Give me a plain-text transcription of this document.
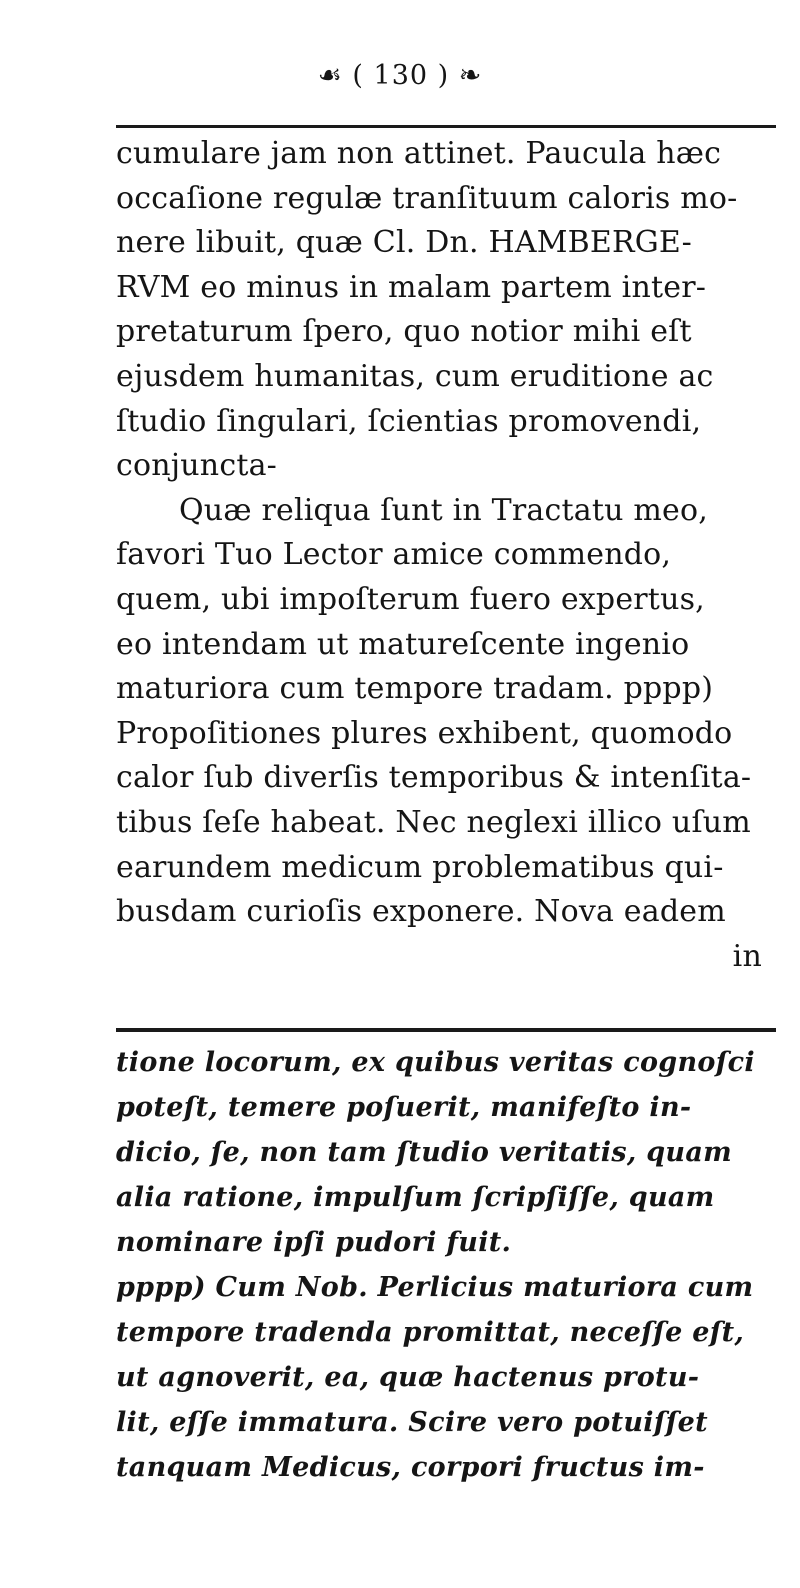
☙ ( 130 ) ❧
cumulare jam non attinet. Paucula hæc
occaſione regulæ tranſituum caloris mo-
nere libuit, quæ Cl. Dn. HAMBERGE-
RVM eo minus in malam partem inter-
pretaturum ſpero, quo notior mihi eſt
ejusdem humanitas, cum eruditione ac
ſtudio ſingulari, ſcientias promovendi,
conjuncta-
Quæ reliqua ſunt in Tractatu meo,
favori Tuo Lector amice commendo,
quem, ubi impoſterum fuero expertus,
eo intendam ut matureſcente ingenio
maturiora cum tempore tradam. pppp)
Propoſitiones plures exhibent, quomodo
calor ſub diverſis temporibus & intenſita-
tibus ſeſe habeat. Nec neglexi illico uſum
earundem medicum problematibus qui-
busdam curioſis exponere. Nova eadem
in
tione locorum, ex quibus veritas cognoſci
poteſt, temere poſuerit, manifeſto in-
dicio, ſe, non tam ſtudio veritatis, quam
alia ratione, impulſum ſcripſiſſe, quam
nominare ipſi pudori fuit.
pppp) Cum Nob. Perlicius maturiora cum
tempore tradenda promittat, neceſſe eſt,
ut agnoverit, ea, quæ hactenus protu-
lit, eſſe immatura. Scire vero potuiſſet
tanquam Medicus, corpori fructus im-
